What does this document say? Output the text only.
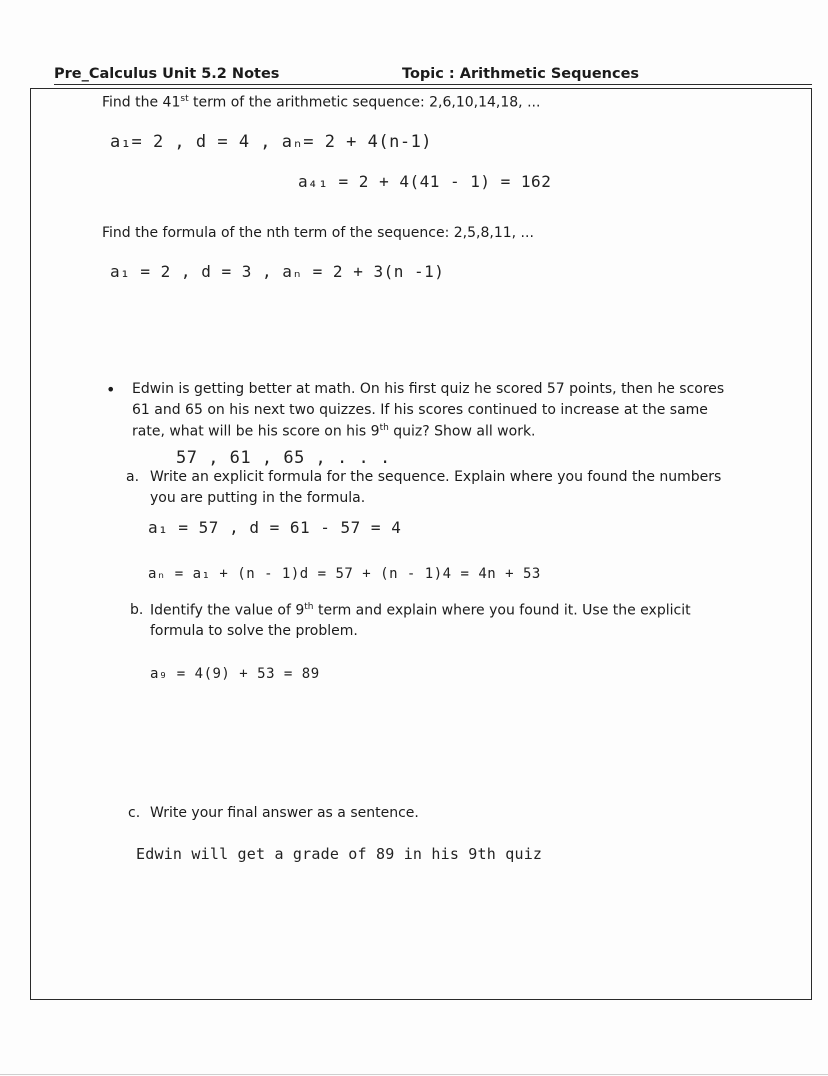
Pre_Calculus Unit 5.2 Notes	Topic : Arithmetic Sequences
Find the 41st term of the arithmetic sequence: 2,6,10,14,18, ...
a₁= 2 , d = 4 , aₙ= 2 + 4(n-1)
a₄₁ = 2 + 4(41 - 1) = 162
Find the formula of the nth term of the sequence: 2,5,8,11, ...
a₁ = 2 , d = 3 , aₙ = 2 + 3(n -1)
• Edwin is getting better at math. On his first quiz he scored 57 points, then he scores
61 and 65 on his next two quizzes. If his scores continued to increase at the same
rate, what will be his score on his 9th quiz? Show all work.
57 , 61 , 65 , . . .
a. Write an explicit formula for the sequence. Explain where you found the numbers
you are putting in the formula.
a₁ = 57 , d = 61 - 57 = 4
aₙ = a₁ + (n - 1)d = 57 + (n - 1)4 = 4n + 53
b. Identify the value of 9th term and explain where you found it. Use the explicit
formula to solve the problem.
a₉ = 4(9) + 53 = 89
c. Write your final answer as a sentence.
Edwin will get a grade of 89 in his 9th quiz
